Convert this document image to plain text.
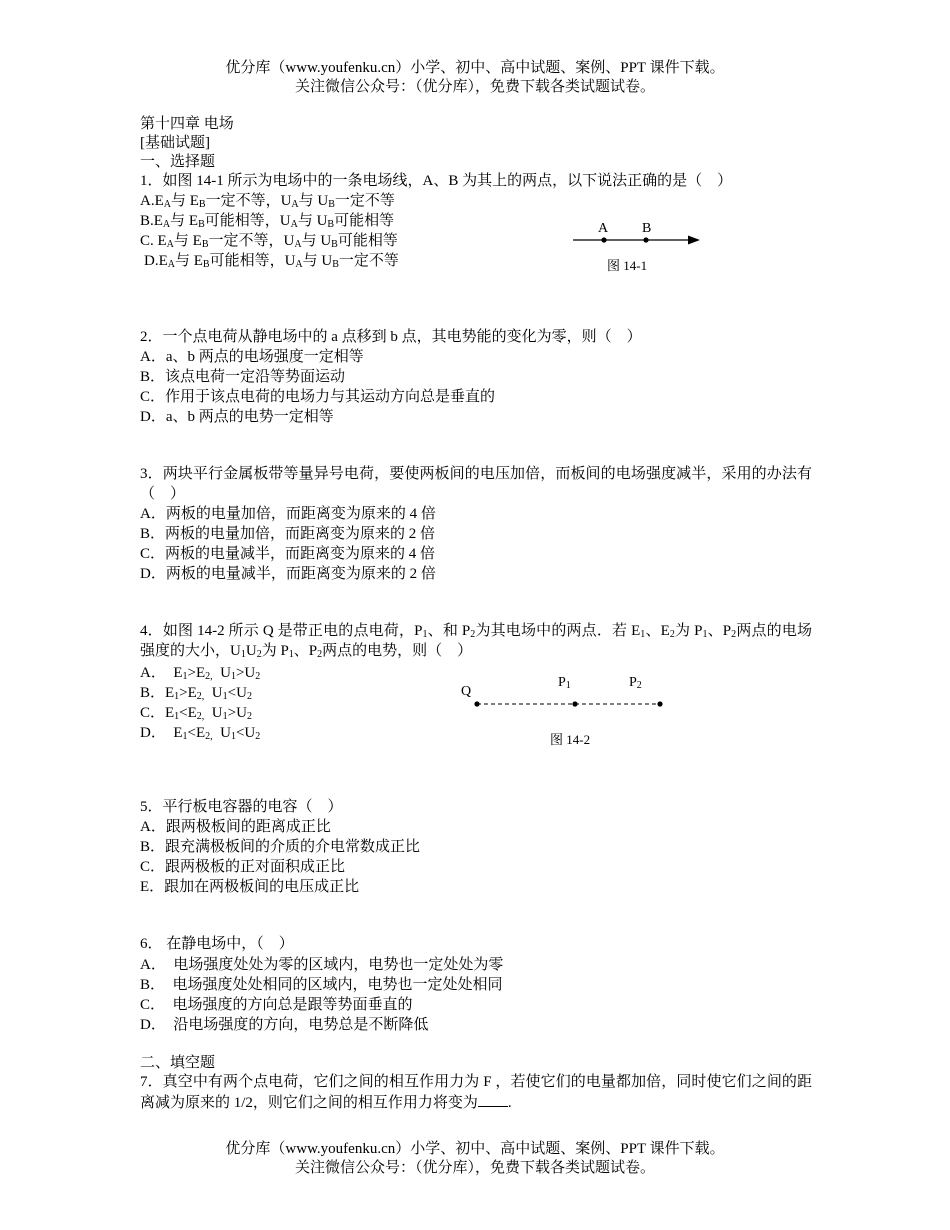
优分库（www.youfenku.cn）小学、初中、高中试题、案例、PPT 课件下载。
关注微信公众号：（优分库），免费下载各类试题试卷。
第十四章 电场
[基础试题]
一、选择题
1．如图 14-1 所示为电场中的一条电场线，A、B 为其上的两点，以下说法正确的是（　）
$A.E_A$与 $E_B$一定不等，$U_A$与 $U_B$一定不等
$B.E_A$与 $E_B$可能相等，$U_A$与 $U_B$可能相等
C. $E_A$与 $E_B$一定不等，$U_A$与 $U_B$可能相等
$D.E_A$与 $E_B$可能相等，$U_A$与 $U_B$一定不等
A B
图 14-1
2．一个点电荷从静电场中的 a 点移到 b 点，其电势能的变化为零，则（　）
A．a、b 两点的电场强度一定相等
B．该点电荷一定沿等势面运动
C．作用于该点电荷的电场力与其运动方向总是垂直的
D．a、b 两点的电势一定相等
3．两块平行金属板带等量异号电荷，要使两板间的电压加倍，而板间的电场强度减半，采用的办法有（　）
A．两板的电量加倍，而距离变为原来的 4 倍
B．两板的电量加倍，而距离变为原来的 2 倍
C．两板的电量减半，而距离变为原来的 4 倍
D．两板的电量减半，而距离变为原来的 2 倍
4．如图 14-2 所示 Q 是带正电的点电荷，$P_1$、和 $P_2$为其电场中的两点．若 $E_1$、$E_2$为 $P_1$、$P_2$两点的电场强度的大小，$U_1U_2$为 $P_1$、$P_2$两点的电势，则（　）
A．　$E_1>E_{2,}$  $U_1>U_2$
B．$E_1>E_{2,}$  $U_1<U_2$
C．$E_1<E_{2,}$  $U_1>U_2$
D．　$E_1<E_{2,}$  $U_1<U_2$
Q
$P_1$	$P_2$
图 14-2
5．平行板电容器的电容（　）
A．跟两极板间的距离成正比
B．跟充满极板间的介质的介电常数成正比
C．跟两极板的正对面积成正比
E．跟加在两极板间的电压成正比
6． 在静电场中，（　）
A．　电场强度处处为零的区域内，电势也一定处处为零
B．　电场强度处处相同的区域内，电势也一定处处相同
C．　电场强度的方向总是跟等势面垂直的
D．　沿电场强度的方向，电势总是不断降低
二、填空题
7．真空中有两个点电荷，它们之间的相互作用力为 F ，若使它们的电量都加倍，同时使它们之间的距离减为原来的 1/2，则它们之间的相互作用力将变为 .
优分库（www.youfenku.cn）小学、初中、高中试题、案例、PPT 课件下载。
关注微信公众号：（优分库），免费下载各类试题试卷。
